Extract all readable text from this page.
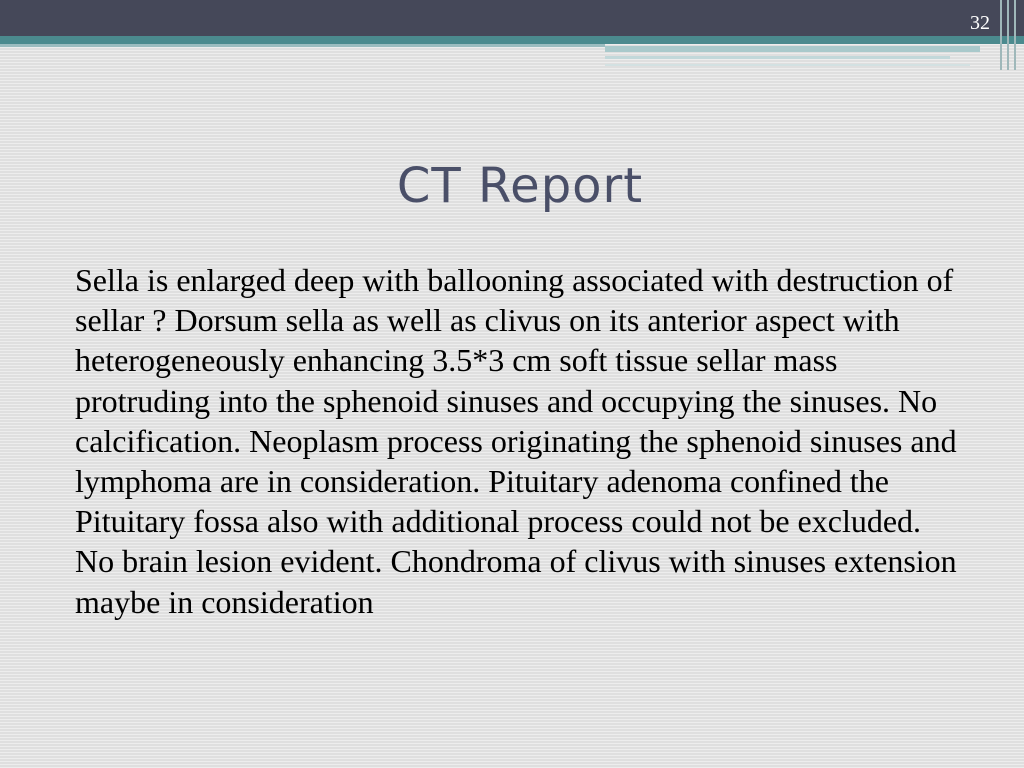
32
CT Report

Sella is enlarged deep with ballooning associated with destruction of sellar ? Dorsum sella as well as clivus on its anterior aspect with heterogeneously enhancing 3.5*3 cm soft tissue sellar mass protruding into the sphenoid sinuses and occupying the sinuses. No calcification. Neoplasm process originating the sphenoid sinuses and lymphoma are in consideration. Pituitary adenoma confined the Pituitary fossa also with additional process could not be excluded. No brain lesion evident. Chondroma of clivus with sinuses extension maybe in consideration
